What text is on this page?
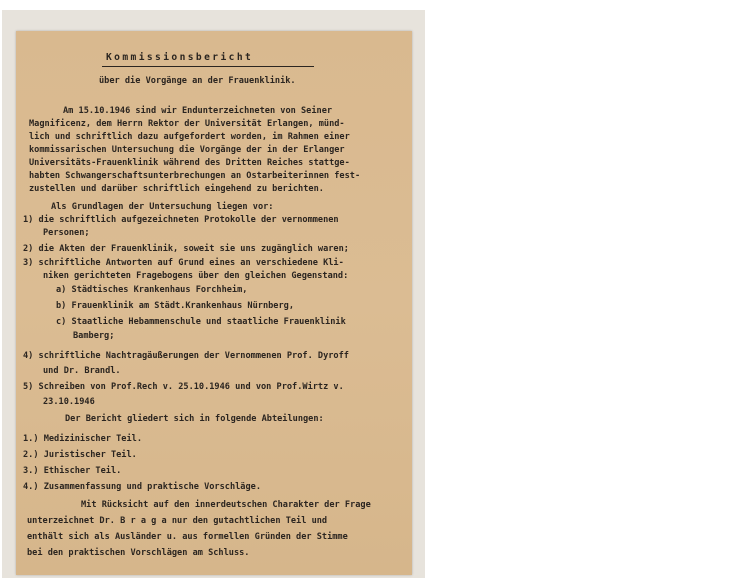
Kommissionsbericht
über die Vorgänge an der Frauenklinik.
Am 15.10.1946 sind wir Endunterzeichneten von Seiner
Magnificenz, dem Herrn Rektor der Universität Erlangen, münd-
lich und schriftlich dazu aufgefordert worden, im Rahmen einer
kommissarischen Untersuchung die Vorgänge der in der Erlanger
Universitäts-Frauenklinik während des Dritten Reiches stattge-
habten Schwangerschaftsunterbrechungen an Ostarbeiterinnen fest-
zustellen und darüber schriftlich eingehend zu berichten.
Als Grundlagen der Untersuchung liegen vor:
1) die schriftlich aufgezeichneten Protokolle der vernommenen
Personen;
2) die Akten der Frauenklinik, soweit sie uns zugänglich waren;
3) schriftliche Antworten auf Grund eines an verschiedene Kli-
niken gerichteten Fragebogens über den gleichen Gegenstand:
a) Städtisches Krankenhaus Forchheim,
b) Frauenklinik am Städt.Krankenhaus Nürnberg,
c) Staatliche Hebammenschule und staatliche Frauenklinik
Bamberg;
4) schriftliche Nachtragäußerungen der Vernommenen Prof. Dyroff
und Dr. Brandl.
5) Schreiben von Prof.Rech v. 25.10.1946 und von Prof.Wirtz v.
23.10.1946
Der Bericht gliedert sich in folgende Abteilungen:
1.) Medizinischer Teil.
2.) Juristischer Teil.
3.) Ethischer Teil.
4.) Zusammenfassung und praktische Vorschläge.
Mit Rücksicht auf den innerdeutschen Charakter der Frage
unterzeichnet Dr. B r a g a nur den gutachtlichen Teil und
enthält sich als Ausländer u. aus formellen Gründen der Stimme
bei den praktischen Vorschlägen am Schluss.
